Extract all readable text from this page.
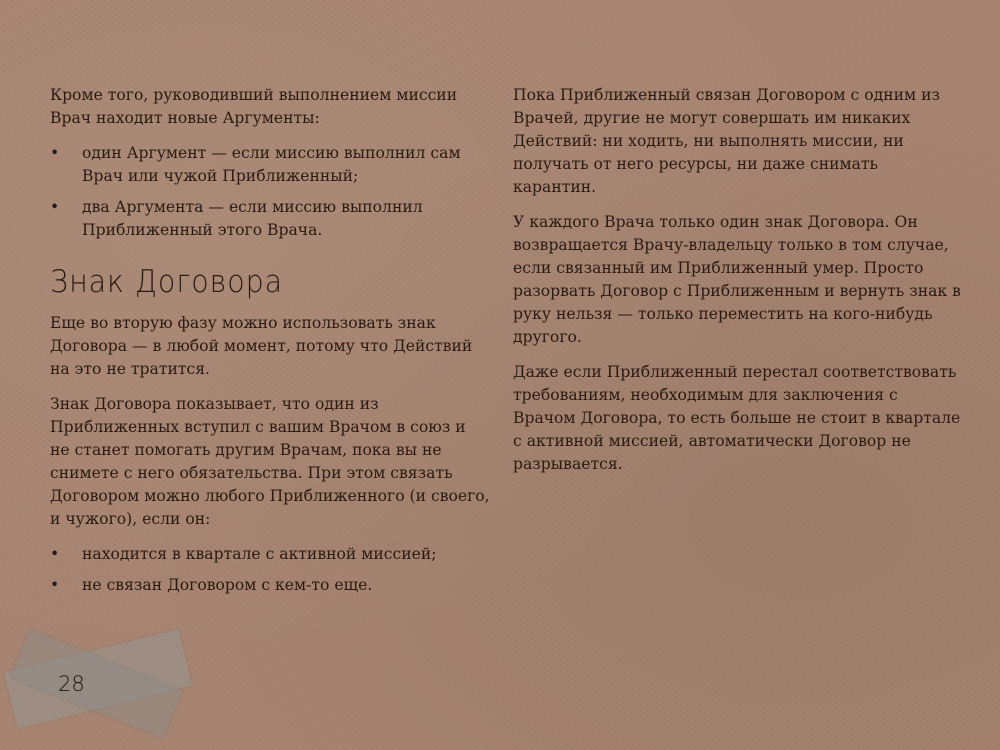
Кроме того, руководивший выполнением миссии Врач находит новые Аргументы:

• один Аргумент — если миссию выполнил сам Врач или чужой Приближенный;
• два Аргумента — если миссию выполнил Приближенный этого Врача.
Знак Договора

Еще во вторую фазу можно использовать знак Договора — в любой момент, потому что Действий на это не тратится.

Знак Договора показывает, что один из Приближенных вступил с вашим Врачом в союз и не станет помогать другим Врачам, пока вы не снимете с него обязательства. При этом связать Договором можно любого Приближенного (и своего, и чужого), если он:

• находится в квартале с активной миссией;
• не связан Договором с кем-то еще.

Пока Приближенный связан Договором с одним из Врачей, другие не могут совершать им никаких Действий: ни ходить, ни выполнять миссии, ни получать от него ресурсы, ни даже снимать карантин.

У каждого Врача только один знак Договора. Он возвращается Врачу-владельцу только в том случае, если связанный им Приближенный умер. Просто разорвать Договор с Приближенным и вернуть знак в руку нельзя — только переместить на кого-нибудь другого.

Даже если Приближенный перестал соответствовать требованиям, необходимым для заключения с Врачом Договора, то есть больше не стоит в квартале с активной миссией, автоматически Договор не разрывается.

28
